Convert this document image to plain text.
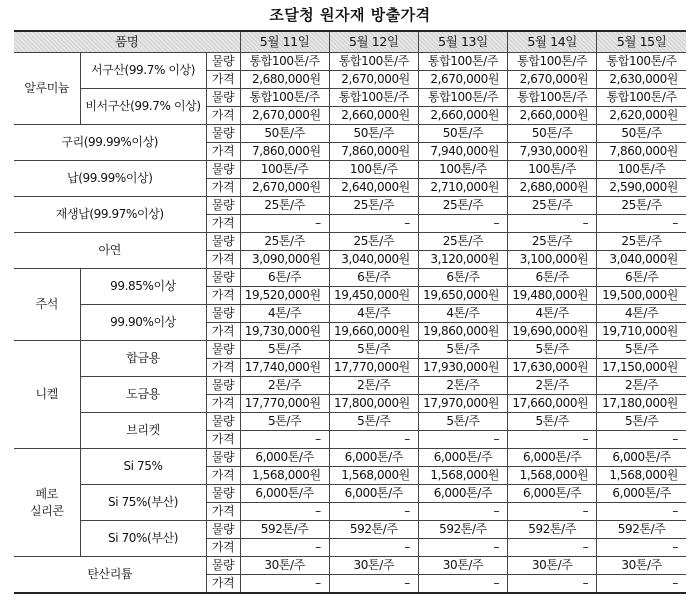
조달청 원자재 방출가격
품명			5월 11일	5월 12일	5월 13일	5월 14일	5월 15일
알루미늄	서구산(99.7% 이상)	물량	통합100톤/주	통합100톤/주	통합100톤/주	통합100톤/주	통합100톤/주
		가격	2,680,000원	2,670,000원	2,670,000원	2,670,000원	2,630,000원
	비서구산(99.7% 이상)	물량	통합100톤/주	통합100톤/주	통합100톤/주	통합100톤/주	통합100톤/주
		가격	2,670,000원	2,660,000원	2,660,000원	2,660,000원	2,620,000원
구리(99.99%이상)		물량	50톤/주	50톤/주	50톤/주	50톤/주	50톤/주
		가격	7,860,000원	7,860,000원	7,940,000원	7,930,000원	7,860,000원
납(99.99%이상)		물량	100톤/주	100톤/주	100톤/주	100톤/주	100톤/주
		가격	2,670,000원	2,640,000원	2,710,000원	2,680,000원	2,590,000원
재생납(99.97%이상)		물량	25톤/주	25톤/주	25톤/주	25톤/주	25톤/주
		가격	–	–	–	–	–
아연		물량	25톤/주	25톤/주	25톤/주	25톤/주	25톤/주
		가격	3,090,000원	3,040,000원	3,120,000원	3,100,000원	3,040,000원
주석	99.85%이상	물량	6톤/주	6톤/주	6톤/주	6톤/주	6톤/주
		가격	19,520,000원	19,450,000원	19,650,000원	19,480,000원	19,500,000원
	99.90%이상	물량	4톤/주	4톤/주	4톤/주	4톤/주	4톤/주
		가격	19,730,000원	19,660,000원	19,860,000원	19,690,000원	19,710,000원
니켈	합금용	물량	5톤/주	5톤/주	5톤/주	5톤/주	5톤/주
		가격	17,740,000원	17,770,000원	17,930,000원	17,630,000원	17,150,000원
	도금용	물량	2톤/주	2톤/주	2톤/주	2톤/주	2톤/주
		가격	17,770,000원	17,800,000원	17,970,000원	17,660,000원	17,180,000원
	브리켓	물량	5톤/주	5톤/주	5톤/주	5톤/주	5톤/주
		가격	–	–	–	–	–
페로
실리콘	Si 75%	물량	6,000톤/주	6,000톤/주	6,000톤/주	6,000톤/주	6,000톤/주
		가격	1,568,000원	1,568,000원	1,568,000원	1,568,000원	1,568,000원
	Si 75%(부산)	물량	6,000톤/주	6,000톤/주	6,000톤/주	6,000톤/주	6,000톤/주
		가격	–	–	–	–	–
	Si 70%(부산)	물량	592톤/주	592톤/주	592톤/주	592톤/주	592톤/주
		가격	–	–	–	–	–
탄산리튬		물량	30톤/주	30톤/주	30톤/주	30톤/주	30톤/주
		가격	–	–	–	–	–
